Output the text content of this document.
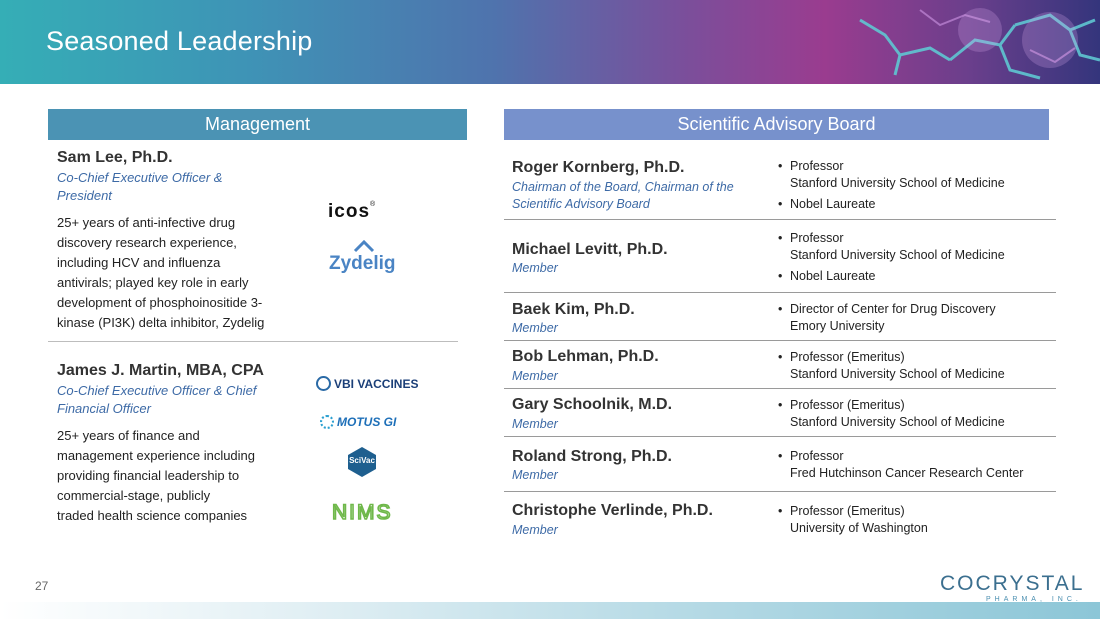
Seasoned Leadership
Management	Scientific Advisory Board
Sam Lee, Ph.D.
Co-Chief Executive Officer &
President
25+ years of anti-infective drug
discovery research experience,
including HCV and influenza
antivirals; played key role in early
development of phosphoinositide 3-
kinase (PI3K) delta inhibitor, Zydelig
icos®
Zydelig
James J. Martin, MBA, CPA
Co-Chief Executive Officer & Chief
Financial Officer
25+ years of finance and
management experience including
providing financial leadership to
commercial-stage, publicly
traded health science companies
VBI VACCINES
MOTUS GI
SciVac
NIMS
Roger Kornberg, Ph.D.
Chairman of the Board, Chairman of the
Scientific Advisory Board
• Professor
Stanford University School of Medicine
• Nobel Laureate
Michael Levitt, Ph.D.
Member
• Professor
Stanford University School of Medicine
• Nobel Laureate
Baek Kim, Ph.D.
Member
• Director of Center for Drug Discovery
Emory University
Bob Lehman, Ph.D.
Member
• Professor (Emeritus)
Stanford University School of Medicine
Gary Schoolnik, M.D.
Member
• Professor (Emeritus)
Stanford University School of Medicine
Roland Strong, Ph.D.
Member
• Professor
Fred Hutchinson Cancer Research Center
Christophe Verlinde, Ph.D.
Member
• Professor (Emeritus)
University of Washington
27	COCRYSTAL
PHARMA, INC.
